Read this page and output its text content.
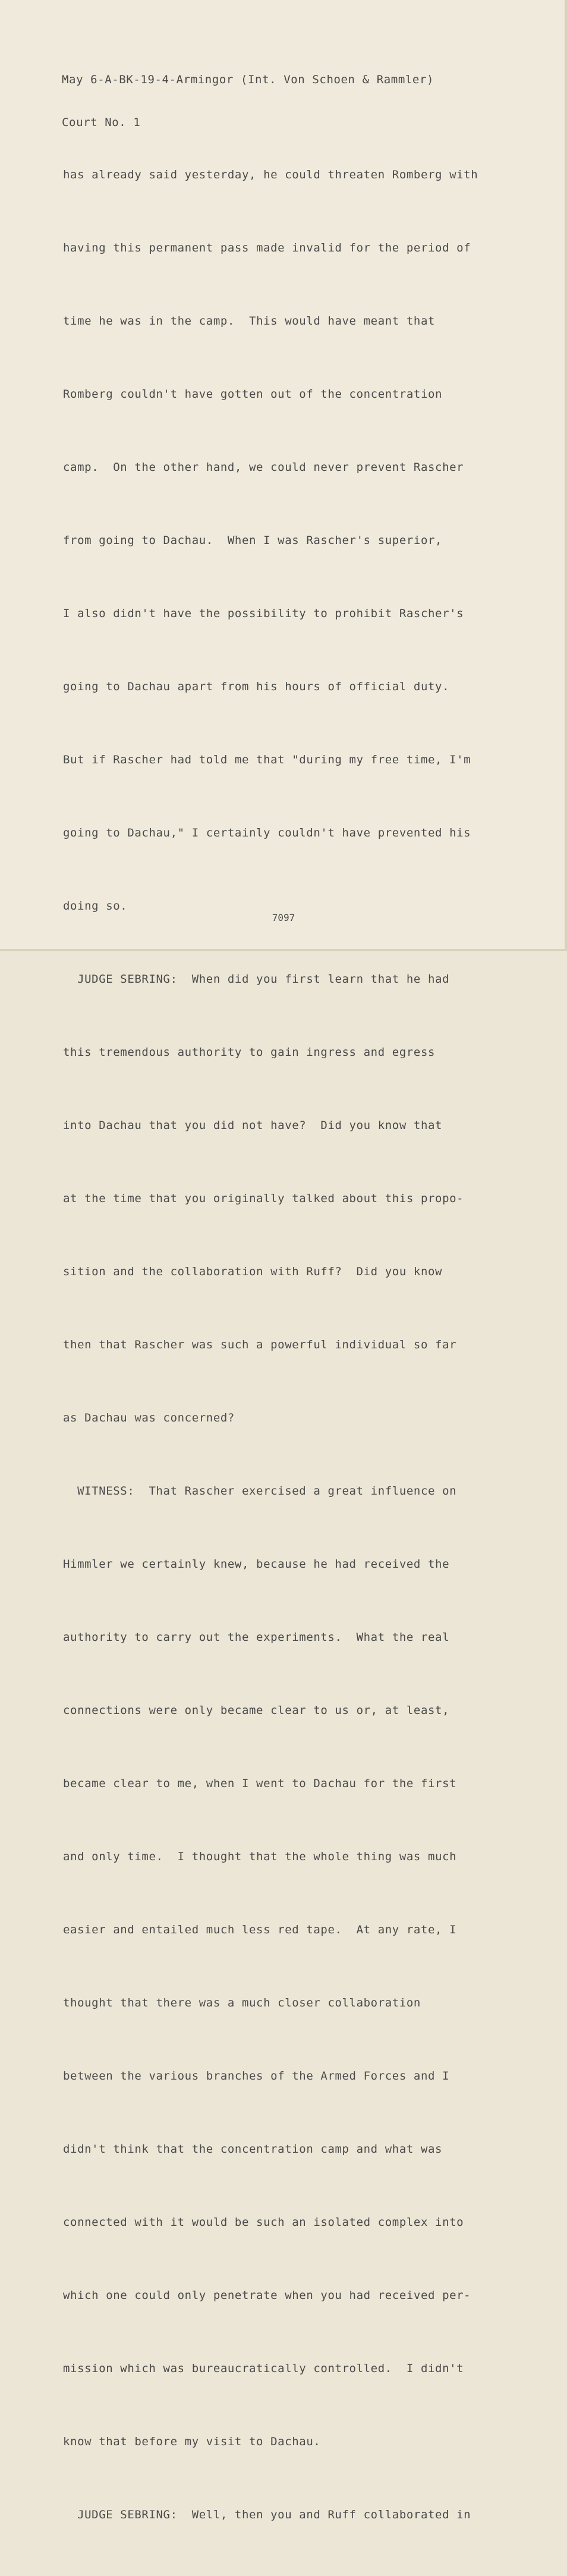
May 6-A-BK-19-4-Armingor (Int. Von Schoen & Rammler)

Court No. 1

has already said yesterday, he could threaten Romberg with

having this permanent pass made invalid for the period of

time he was in the camp.  This would have meant that

Romberg couldn't have gotten out of the concentration

camp.  On the other hand, we could never prevent Rascher

from going to Dachau.  When I was Rascher's superior,

I also didn't have the possibility to prohibit Rascher's

going to Dachau apart from his hours of official duty.

But if Rascher had told me that "during my free time, I'm

going to Dachau," I certainly couldn't have prevented his

doing so.

JUDGE SEBRING:  When did you first learn that he had

this tremendous authority to gain ingress and egress

into Dachau that you did not have?  Did you know that

at the time that you originally talked about this propo-

sition and the collaboration with Ruff?  Did you know

then that Rascher was such a powerful individual so far

as Dachau was concerned?

WITNESS:  That Rascher exercised a great influence on

Himmler we certainly knew, because he had received the

authority to carry out the experiments.  What the real

connections were only became clear to us or, at least,

became clear to me, when I went to Dachau for the first

and only time.  I thought that the whole thing was much

easier and entailed much less red tape.  At any rate, I

thought that there was a much closer collaboration

between the various branches of the Armed Forces and I

didn't think that the concentration camp and what was

connected with it would be such an isolated complex into

which one could only penetrate when you had received per-

mission which was bureaucratically controlled.  I didn't

know that before my visit to Dachau.

JUDGE SEBRING:  Well, then you and Ruff collaborated in

7097
